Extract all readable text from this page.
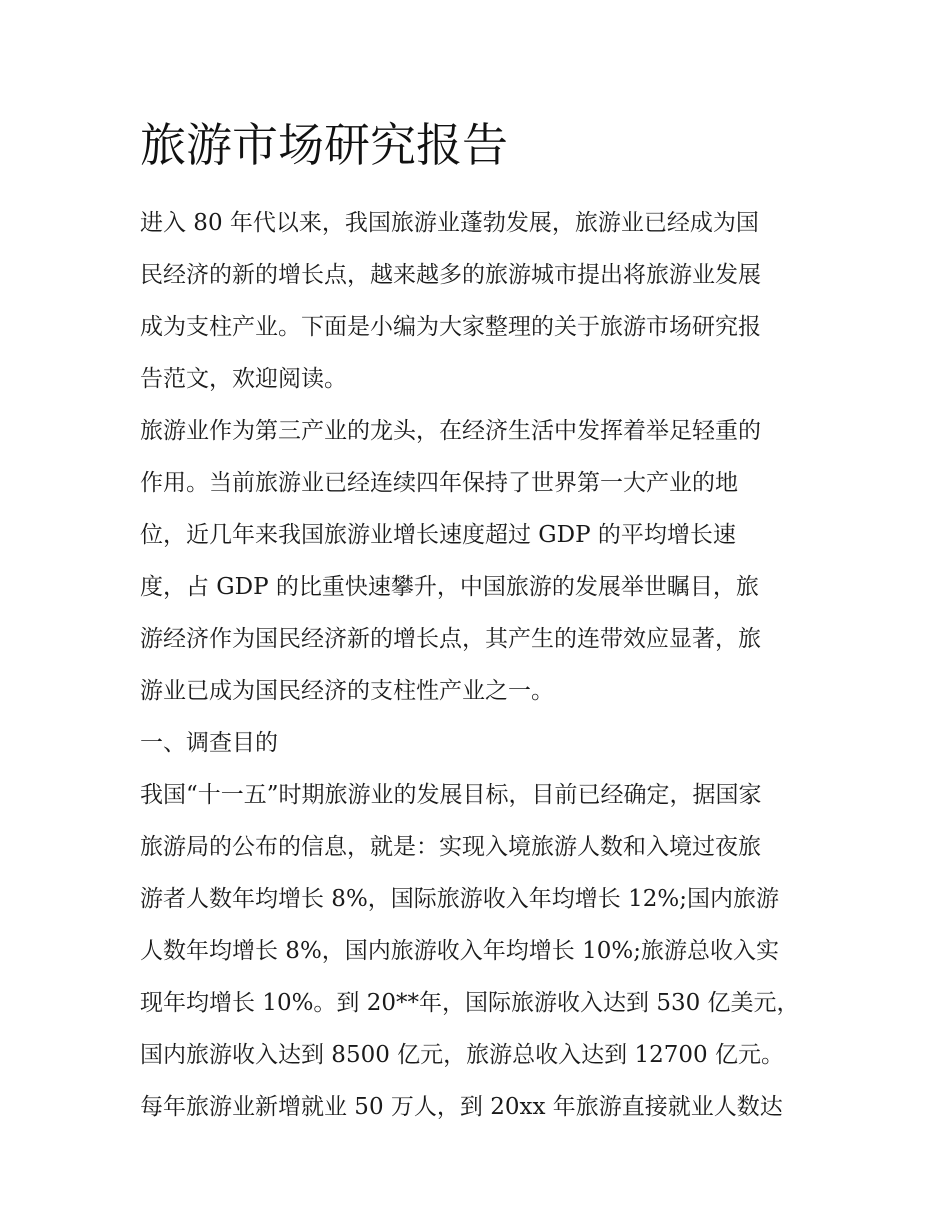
旅游市场研究报告
进入 80 年代以来，我国旅游业蓬勃发展，旅游业已经成为国
民经济的新的增长点，越来越多的旅游城市提出将旅游业发展
成为支柱产业。下面是小编为大家整理的关于旅游市场研究报
告范文，欢迎阅读。
旅游业作为第三产业的龙头，在经济生活中发挥着举足轻重的
作用。当前旅游业已经连续四年保持了世界第一大产业的地
位，近几年来我国旅游业增长速度超过 GDP 的平均增长速
度，占 GDP 的比重快速攀升，中国旅游的发展举世瞩目，旅
游经济作为国民经济新的增长点，其产生的连带效应显著，旅
游业已成为国民经济的支柱性产业之一。
一、调查目的
我国“十一五”时期旅游业的发展目标，目前已经确定，据国家
旅游局的公布的信息，就是：实现入境旅游人数和入境过夜旅
游者人数年均增长 8%，国际旅游收入年均增长 12%;国内旅游
人数年均增长 8%，国内旅游收入年均增长 10%;旅游总收入实
现年均增长 10%。到 20**年，国际旅游收入达到 530 亿美元，
国内旅游收入达到 8500 亿元，旅游总收入达到 12700 亿元。
每年旅游业新增就业 50 万人，到 20xx 年旅游直接就业人数达
